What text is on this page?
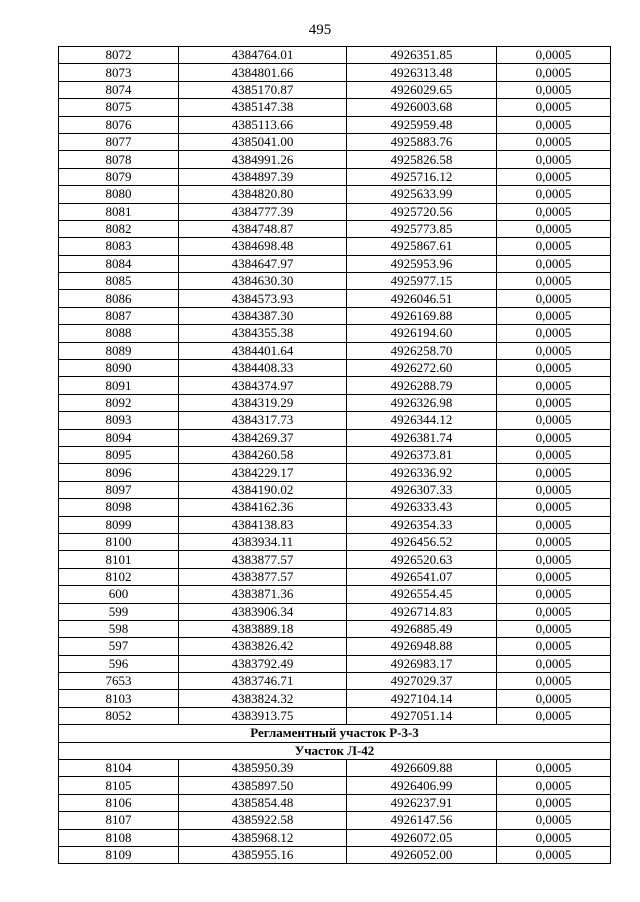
495
8072	4384764.01	4926351.85	0,0005
8073	4384801.66	4926313.48	0,0005
8074	4385170.87	4926029.65	0,0005
8075	4385147.38	4926003.68	0,0005
8076	4385113.66	4925959.48	0,0005
8077	4385041.00	4925883.76	0,0005
8078	4384991.26	4925826.58	0,0005
8079	4384897.39	4925716.12	0,0005
8080	4384820.80	4925633.99	0,0005
8081	4384777.39	4925720.56	0,0005
8082	4384748.87	4925773.85	0,0005
8083	4384698.48	4925867.61	0,0005
8084	4384647.97	4925953.96	0,0005
8085	4384630.30	4925977.15	0,0005
8086	4384573.93	4926046.51	0,0005
8087	4384387.30	4926169.88	0,0005
8088	4384355.38	4926194.60	0,0005
8089	4384401.64	4926258.70	0,0005
8090	4384408.33	4926272.60	0,0005
8091	4384374.97	4926288.79	0,0005
8092	4384319.29	4926326.98	0,0005
8093	4384317.73	4926344.12	0,0005
8094	4384269.37	4926381.74	0,0005
8095	4384260.58	4926373.81	0,0005
8096	4384229.17	4926336.92	0,0005
8097	4384190.02	4926307.33	0,0005
8098	4384162.36	4926333.43	0,0005
8099	4384138.83	4926354.33	0,0005
8100	4383934.11	4926456.52	0,0005
8101	4383877.57	4926520.63	0,0005
8102	4383877.57	4926541.07	0,0005
600	4383871.36	4926554.45	0,0005
599	4383906.34	4926714.83	0,0005
598	4383889.18	4926885.49	0,0005
597	4383826.42	4926948.88	0,0005
596	4383792.49	4926983.17	0,0005
7653	4383746.71	4927029.37	0,0005
8103	4383824.32	4927104.14	0,0005
8052	4383913.75	4927051.14	0,0005
Регламентный участок Р-3-3			
Участок Л-42			
8104	4385950.39	4926609.88	0,0005
8105	4385897.50	4926406.99	0,0005
8106	4385854.48	4926237.91	0,0005
8107	4385922.58	4926147.56	0,0005
8108	4385968.12	4926072.05	0,0005
8109	4385955.16	4926052.00	0,0005
